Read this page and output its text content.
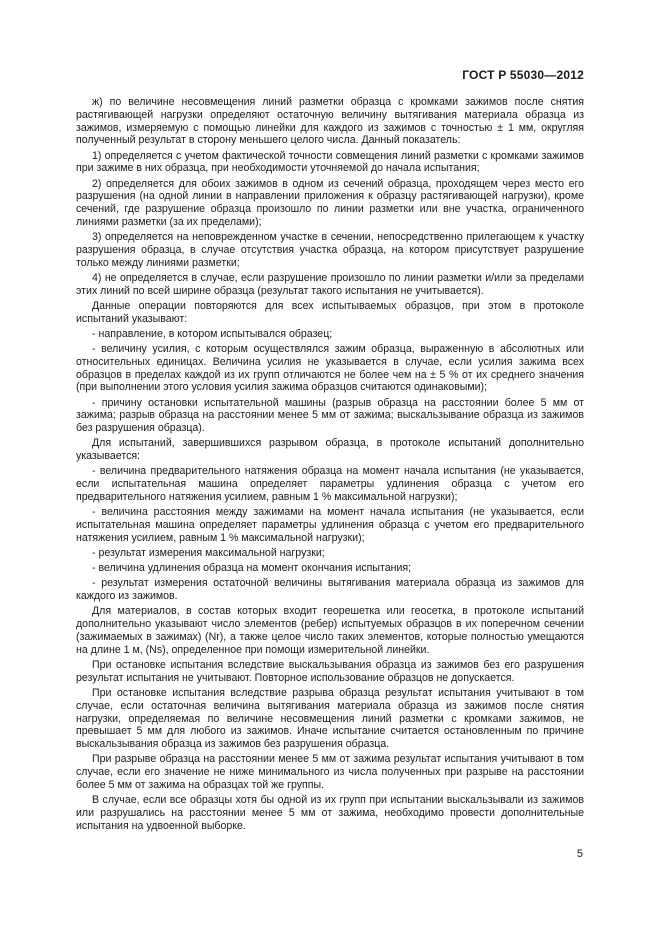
ГОСТ Р 55030—2012

ж) по величине несовмещения линий разметки образца с кромками зажимов после снятия растягивающей нагрузки определяют остаточную величину вытягивания материала образца из зажимов, измеряемую с помощью линейки для каждого из зажимов с точностью ± 1 мм, округляя полученный результат в сторону меньшего целого числа. Данный показатель:

1) определяется с учетом фактической точности совмещения линий разметки с кромками зажимов при зажиме в них образца, при необходимости уточняемой до начала испытания;

2) определяется для обоих зажимов в одном из сечений образца, проходящем через место его разрушения (на одной линии в направлении приложения к образцу растягивающей нагрузки), кроме сечений, где разрушение образца произошло по линии разметки или вне участка, ограниченного линиями разметки (за их пределами);

3) определяется на неповрежденном участке в сечении, непосредственно прилегающем к участку разрушения образца, в случае отсутствия участка образца, на котором присутствует разрушение только между линиями разметки;

4) не определяется в случае, если разрушение произошло по линии разметки и/или за пределами этих линий по всей ширине образца (результат такого испытания не учитывается).

Данные операции повторяются для всех испытываемых образцов, при этом в протоколе испытаний указывают:

- направление, в котором испытывался образец;

- величину усилия, с которым осуществлялся зажим образца, выраженную в абсолютных или относительных единицах. Величина усилия не указывается в случае, если усилия зажима всех образцов в пределах каждой из их групп отличаются не более чем на ± 5 % от их среднего значения (при выполнении этого условия усилия зажима образцов считаются одинаковыми);

- причину остановки испытательной машины (разрыв образца на расстоянии более 5 мм от зажима; разрыв образца на расстоянии менее 5 мм от зажима; выскальзывание образца из зажимов без разрушения образца).

Для испытаний, завершившихся разрывом образца, в протоколе испытаний дополнительно указывается:

- величина предварительного натяжения образца на момент начала испытания (не указывается, если испытательная машина определяет параметры удлинения образца с учетом его предварительного натяжения усилием, равным 1 % максимальной нагрузки);

- величина расстояния между зажимами на момент начала испытания (не указывается, если испытательная машина определяет параметры удлинения образца с учетом его предварительного натяжения усилием, равным 1 % максимальной нагрузки);

- результат измерения максимальной нагрузки;

- величина удлинения образца на момент окончания испытания;

- результат измерения остаточной величины вытягивания материала образца из зажимов для каждого из зажимов.

Для материалов, в состав которых входит георешетка или геосетка, в протоколе испытаний дополнительно указывают число элементов (ребер) испытуемых образцов в их поперечном сечении (зажимаемых в зажимах) (Nr), а также целое число таких элементов, которые полностью умещаются на длине 1 м, (Ns), определенное при помощи измерительной линейки.

При остановке испытания вследствие выскальзывания образца из зажимов без его разрушения результат испытания не учитывают. Повторное использование образцов не допускается.

При остановке испытания вследствие разрыва образца результат испытания учитывают в том случае, если остаточная величина вытягивания материала образца из зажимов после снятия нагрузки, определяемая по величине несовмещения линий разметки с кромками зажимов, не превышает 5 мм для любого из зажимов. Иначе испытание считается остановленным по причине выскальзывания образца из зажимов без разрушения образца.

При разрыве образца на расстоянии менее 5 мм от зажима результат испытания учитывают в том случае, если его значение не ниже минимального из числа полученных при разрыве на расстоянии более 5 мм от зажима на образцах той же группы.

В случае, если все образцы хотя бы одной из их групп при испытании выскальзывали из зажимов или разрушались на расстоянии менее 5 мм от зажима, необходимо провести дополнительные испытания на удвоенной выборке.

5
